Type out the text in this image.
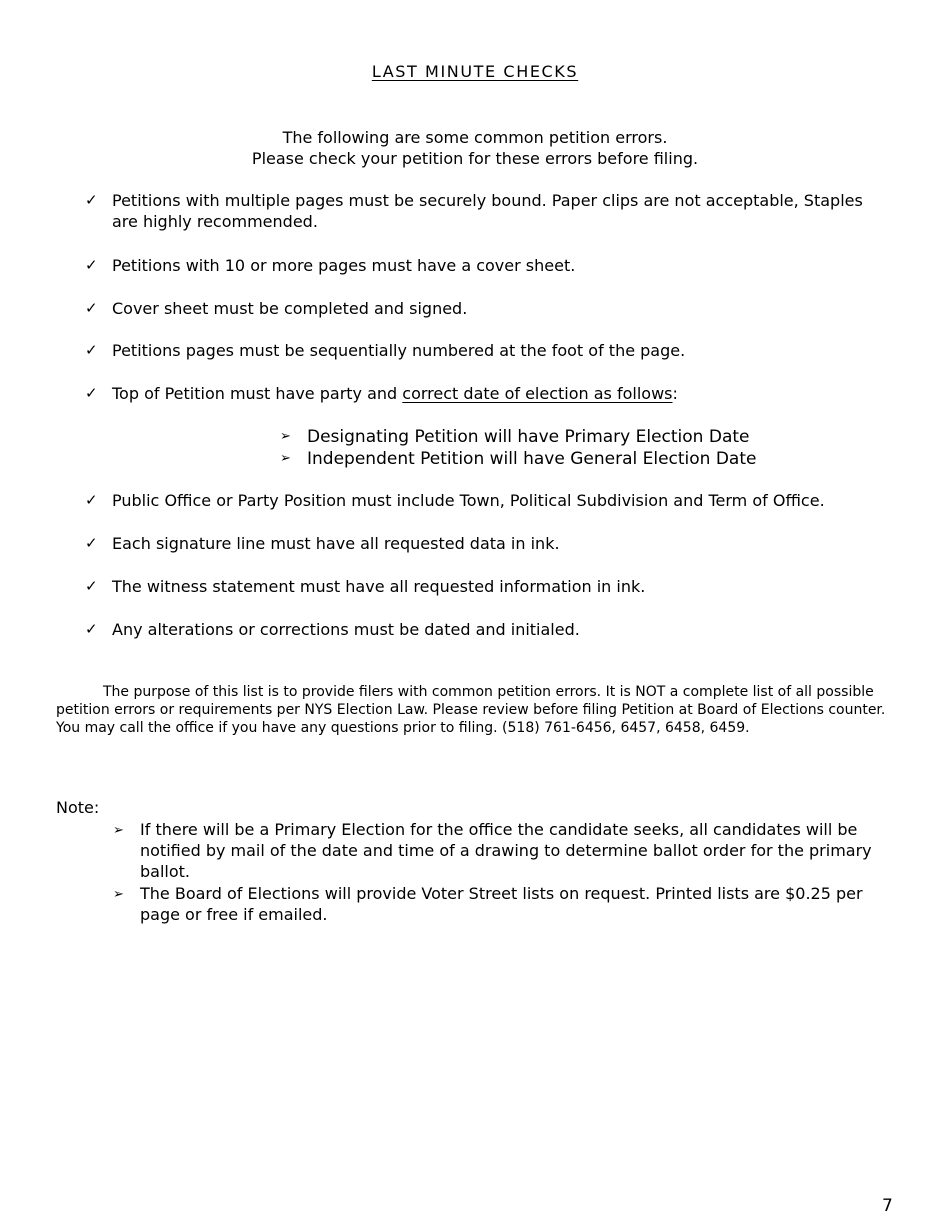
LAST MINUTE CHECKS
The following are some common petition errors.
Please check your petition for these errors before filing.
✓ Petitions with multiple pages must be securely bound. Paper clips are not acceptable, Staples are highly recommended.
✓ Petitions with 10 or more pages must have a cover sheet.
✓ Cover sheet must be completed and signed.
✓ Petitions pages must be sequentially numbered at the foot of the page.
✓ Top of Petition must have party and correct date of election as follows:
➢ Designating Petition will have Primary Election Date
➢ Independent Petition will have General Election Date
✓ Public Office or Party Position must include Town, Political Subdivision and Term of Office.
✓ Each signature line must have all requested data in ink.
✓ The witness statement must have all requested information in ink.
✓ Any alterations or corrections must be dated and initialed.
The purpose of this list is to provide filers with common petition errors. It is NOT a complete list of all possible petition errors or requirements per NYS Election Law. Please review before filing Petition at Board of Elections counter. You may call the office if you have any questions prior to filing. (518) 761-6456, 6457, 6458, 6459.
Note:
➢ If there will be a Primary Election for the office the candidate seeks, all candidates will be notified by mail of the date and time of a drawing to determine ballot order for the primary ballot.
➢ The Board of Elections will provide Voter Street lists on request. Printed lists are $0.25 per page or free if emailed.
7
